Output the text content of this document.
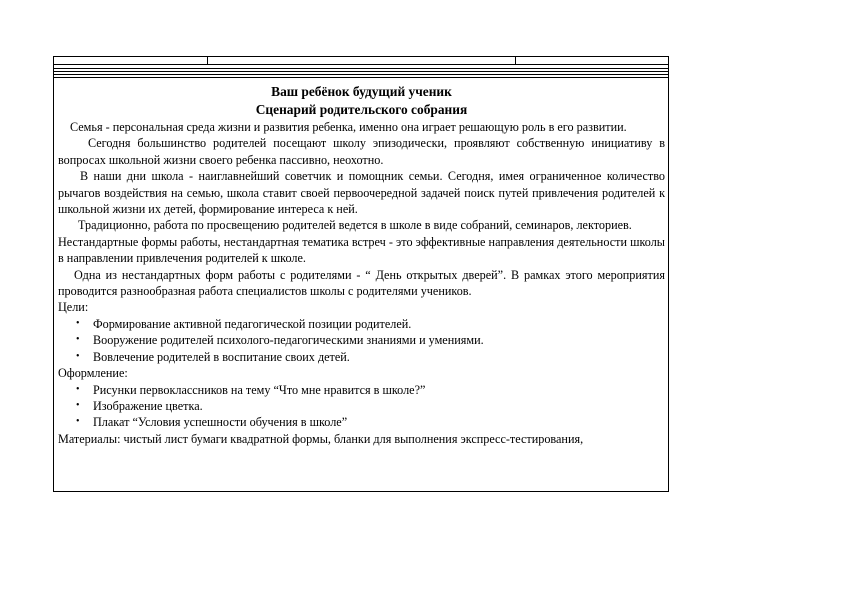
Ваш ребёнок будущий ученик

Сценарий родительского собрания

Семья - персональная среда жизни и развития ребенка, именно она играет решающую роль в его развитии.

Сегодня большинство родителей посещают школу эпизодически, проявляют собственную инициативу в вопросах школьной жизни своего ребенка пассивно, неохотно.

В наши дни школа - наиглавнейший советчик и помощник семьи. Сегодня, имея ограниченное количество рычагов воздействия на семью, школа ставит своей первоочередной задачей поиск путей привлечения родителей к школьной жизни их детей, формирование интереса к ней.

Традиционно, работа по просвещению родителей ведется в школе в виде собраний, семинаров, лекториев.

Нестандартные формы работы, нестандартная тематика встреч - это эффективные направления деятельности школы в направлении привлечения родителей к школе.

Одна из нестандартных форм работы с родителями - “ День открытых дверей”. В рамках этого мероприятия проводится разнообразная работа специалистов школы с родителями учеников.

Цели:

• Формирование активной педагогической позиции родителей.
• Вооружение родителей психолого-педагогическими знаниями и умениями.
• Вовлечение родителей в воспитание своих детей.

Оформление:

• Рисунки первоклассников на тему “Что мне нравится в школе?”
• Изображение цветка.
• Плакат “Условия успешности обучения в школе”

Материалы: чистый лист бумаги квадратной формы, бланки для выполнения экспресс-тестирования,
